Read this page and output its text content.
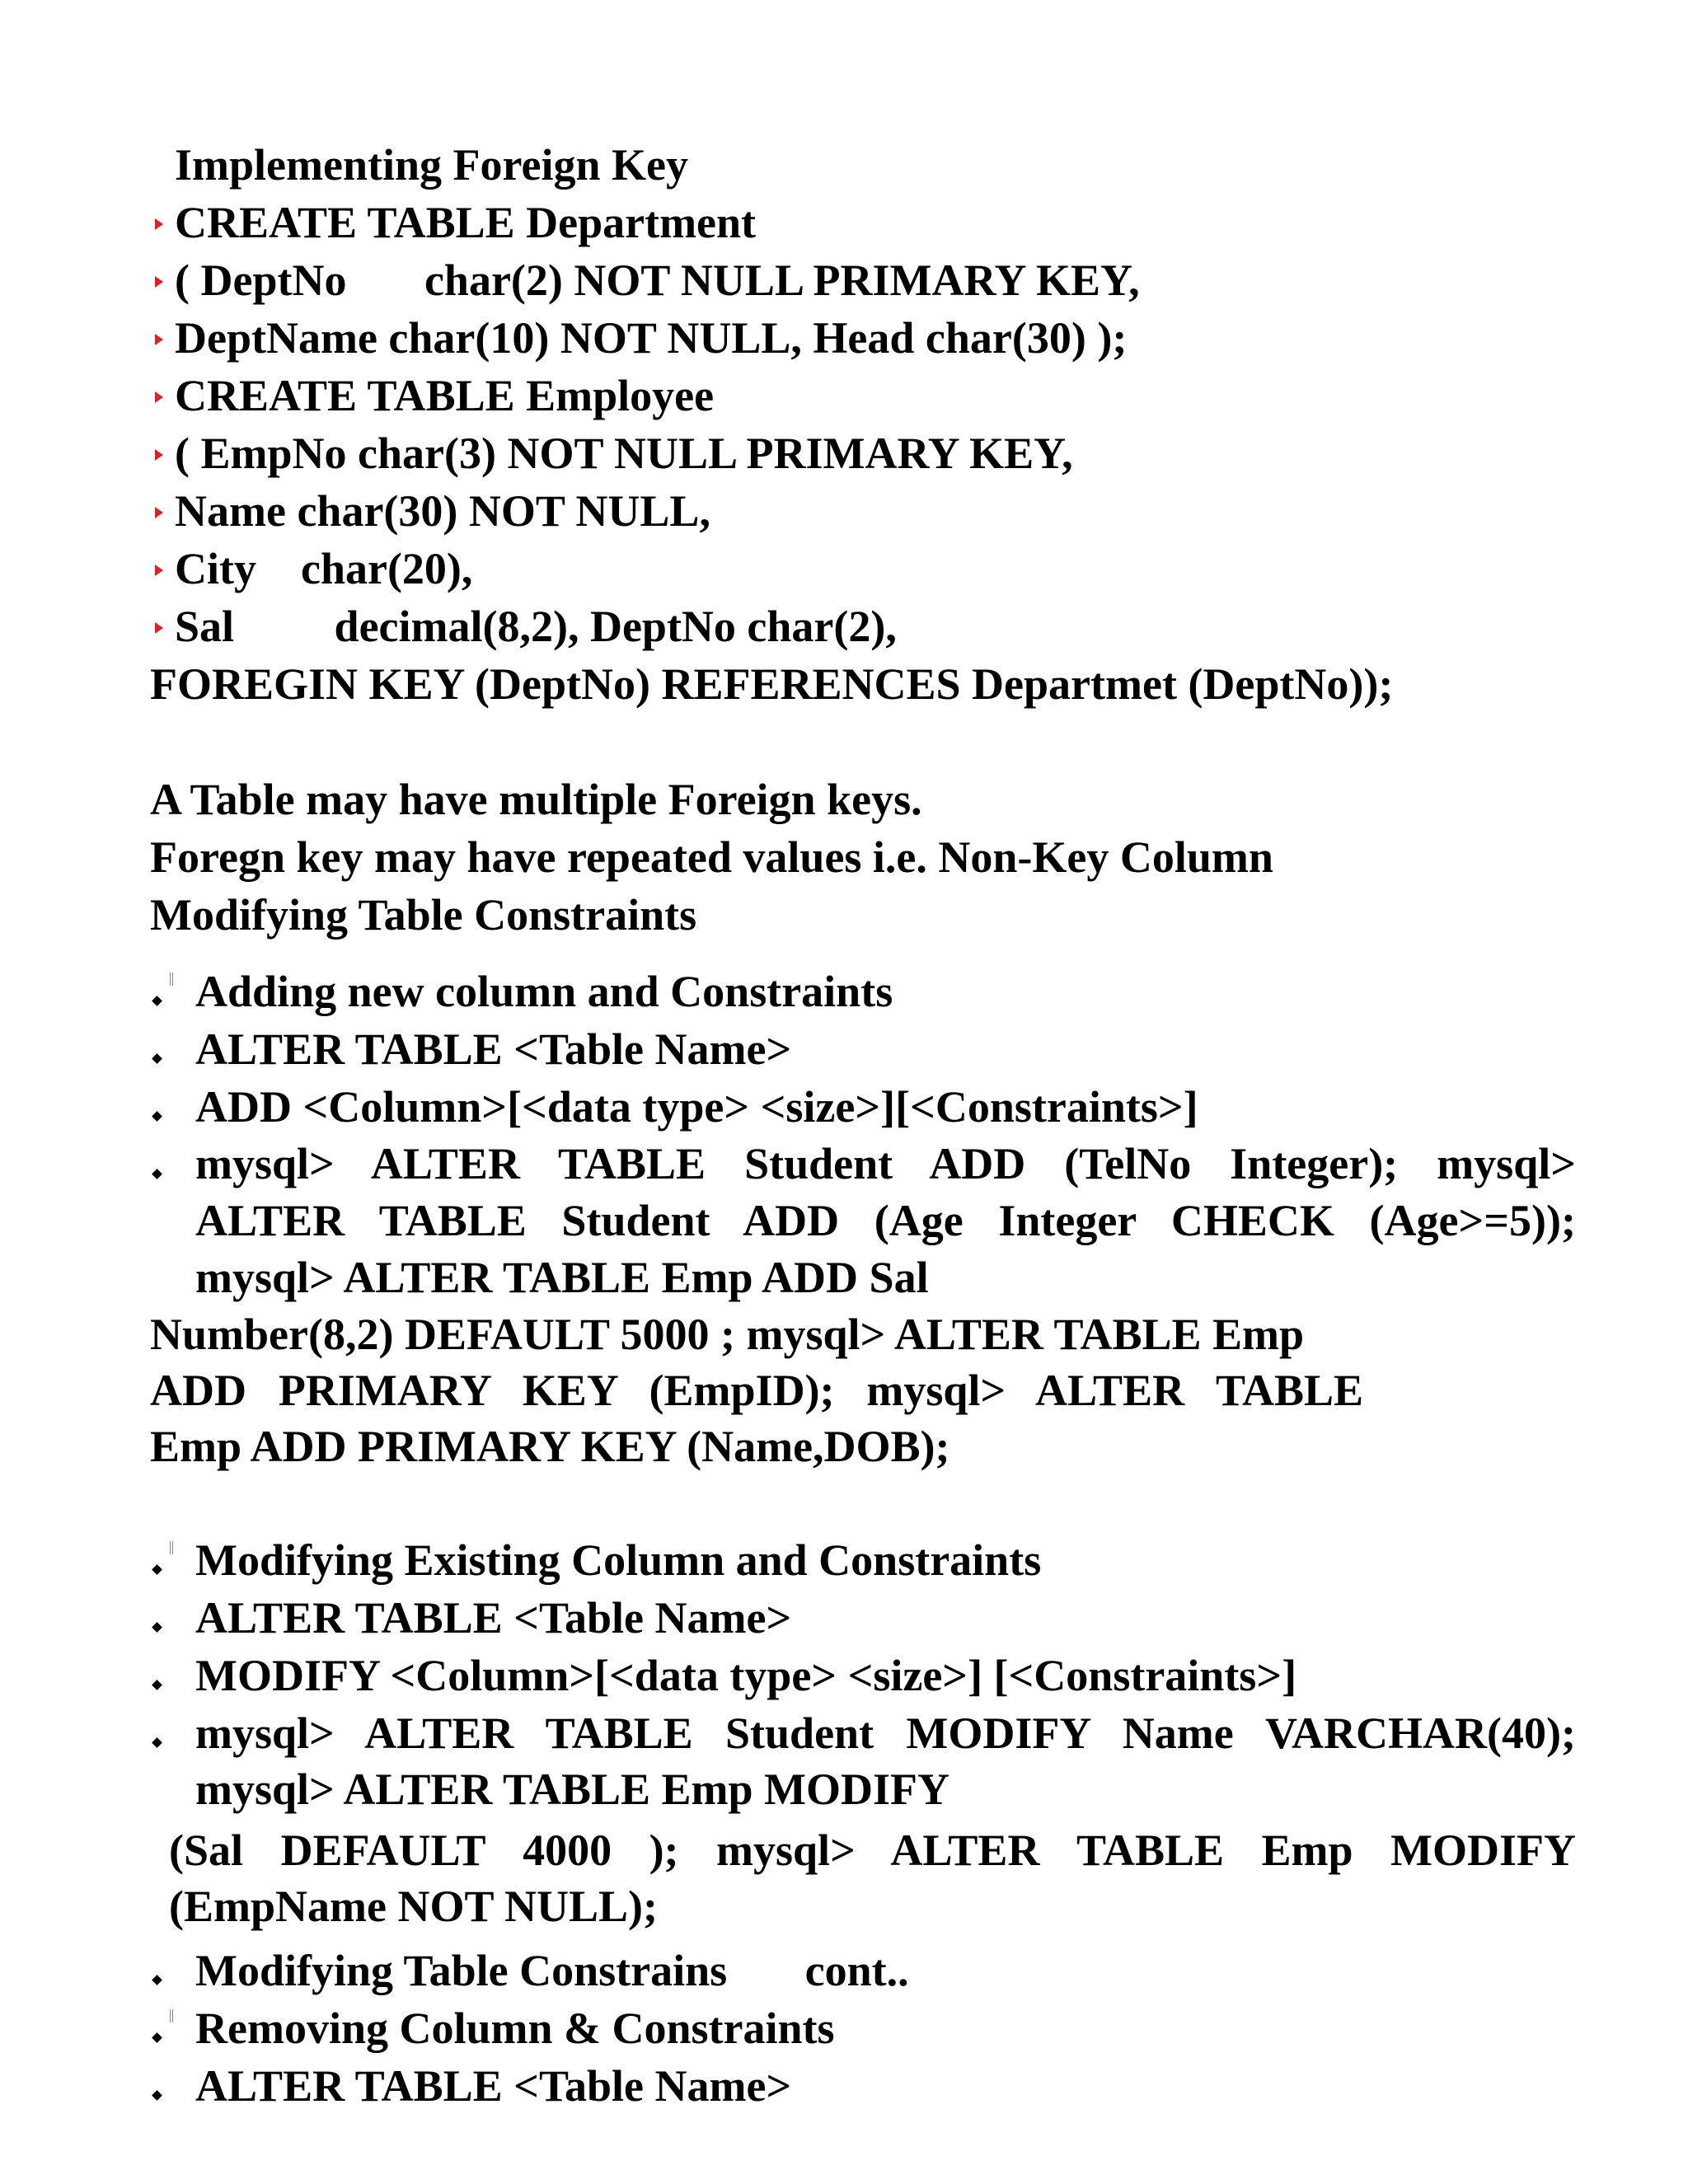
Implementing Foreign Key
CREATE TABLE Department
( DeptNo       char(2) NOT NULL PRIMARY KEY,
DeptName char(10) NOT NULL, Head char(30) );
CREATE TABLE Employee
( EmpNo char(3) NOT NULL PRIMARY KEY,
Name char(30) NOT NULL,
City    char(20),
Sal         decimal(8,2), DeptNo char(2),
FOREGIN KEY (DeptNo) REFERENCES Departmet (DeptNo));
A Table may have multiple Foreign keys.
Foregn key may have repeated values i.e. Non-Key Column
Modifying Table Constraints
Adding new column and Constraints
ALTER TABLE <Table Name>
ADD <Column>[<data type> <size>][<Constraints>]
mysql> ALTER TABLE Student ADD (TelNo Integer); mysql>
ALTER TABLE Student ADD (Age Integer CHECK (Age>=5));
mysql> ALTER TABLE Emp ADD Sal
Number(8,2) DEFAULT 5000 ; mysql> ALTER TABLE Emp
ADD PRIMARY KEY (EmpID); mysql> ALTER TABLE
Emp ADD PRIMARY KEY (Name,DOB);
Modifying Existing Column and Constraints
ALTER TABLE <Table Name>
MODIFY <Column>[<data type> <size>] [<Constraints>]
mysql> ALTER TABLE Student MODIFY Name VARCHAR(40);
mysql> ALTER TABLE Emp MODIFY
(Sal DEFAULT 4000 ); mysql> ALTER TABLE Emp MODIFY
(EmpName NOT NULL);
Modifying Table Constrains       cont..
Removing Column & Constraints
ALTER TABLE <Table Name>
